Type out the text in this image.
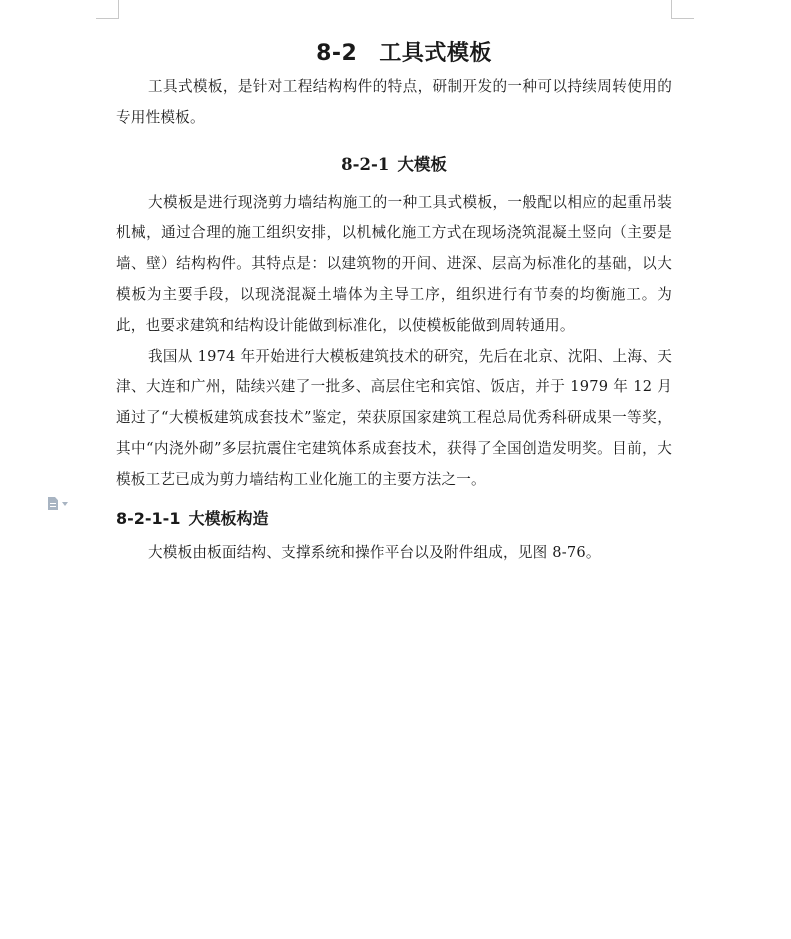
8-2 工具式模板

工具式模板，是针对工程结构构件的特点，研制开发的一种可以持续周转使用的专用性模板。

8-2-1 大模板

大模板是进行现浇剪力墙结构施工的一种工具式模板，一般配以相应的起重吊装机械，通过合理的施工组织安排，以机械化施工方式在现场浇筑混凝土竖向（主要是墙、壁）结构构件。其特点是：以建筑物的开间、进深、层高为标准化的基础，以大模板为主要手段，以现浇混凝土墙体为主导工序，组织进行有节奏的均衡施工。为此，也要求建筑和结构设计能做到标准化，以使模板能做到周转通用。

我国从 1974 年开始进行大模板建筑技术的研究，先后在北京、沈阳、上海、天津、大连和广州，陆续兴建了一批多、高层住宅和宾馆、饭店，并于 1979 年 12 月通过了“大模板建筑成套技术”鉴定，荣获原国家建筑工程总局优秀科研成果一等奖，其中“内浇外砌”多层抗震住宅建筑体系成套技术，获得了全国创造发明奖。目前，大模板工艺已成为剪力墙结构工业化施工的主要方法之一。

8-2-1-1 大模板构造

大模板由板面结构、支撑系统和操作平台以及附件组成，见图 8-76。
